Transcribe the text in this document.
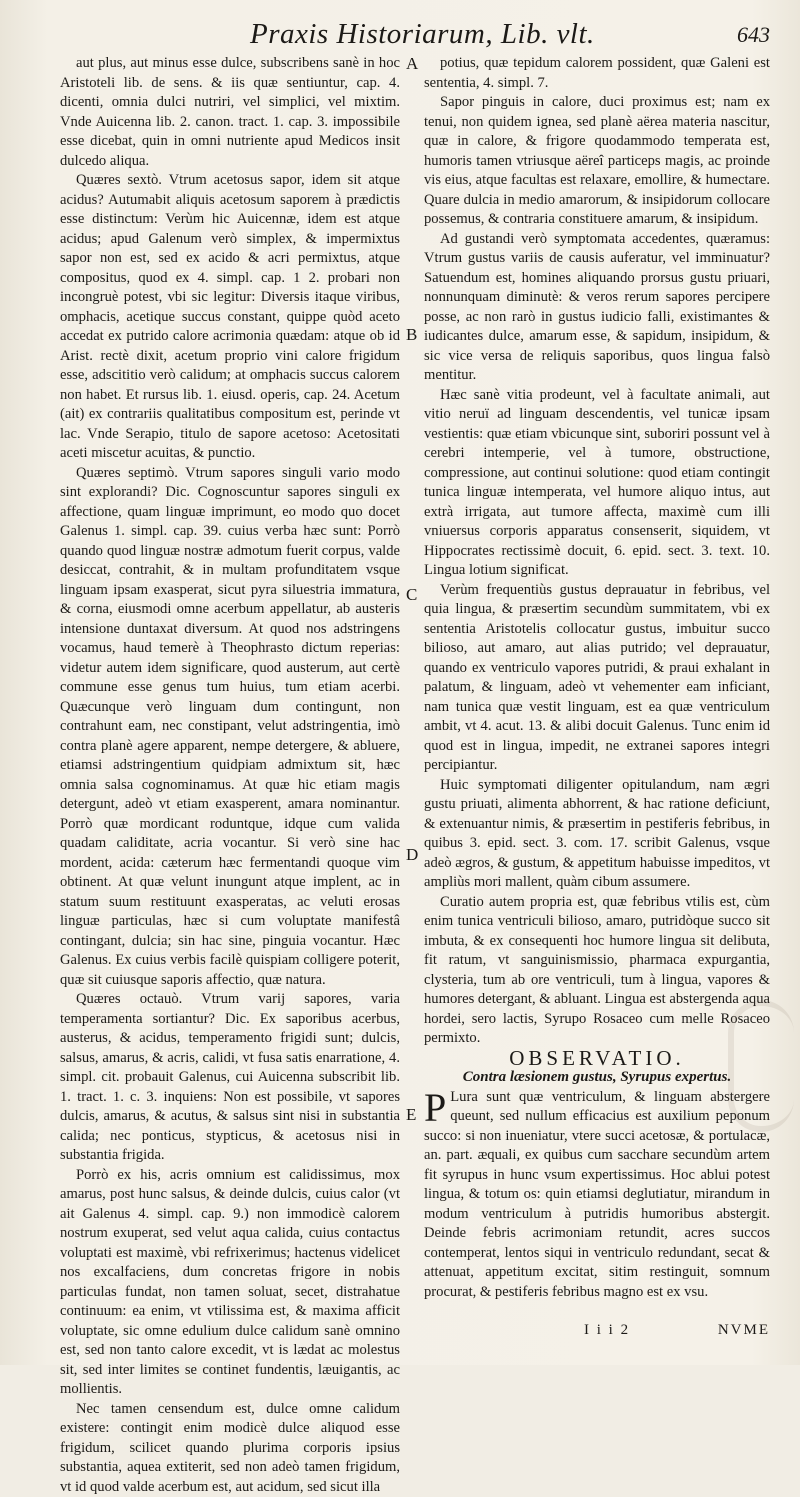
Praxis Historiarum, Lib. vlt.	643

aut plus, aut minus esse dulce, subscribens sanè in hoc Aristoteli lib. de sens. & iis quæ sentiuntur, cap. 4. dicenti, omnia dulci nutriri, vel simplici, vel mixtim. Vnde Auicenna lib. 2. canon. tract. 1. cap. 3. impossibile esse dicebat, quin in omni nutriente apud Medicos insit dulcedo aliqua.

Quæres sextò. Vtrum acetosus sapor, idem sit atque acidus? Autumabit aliquis acetosum saporem à prædictis esse distinctum: Verùm hic Auicennæ, idem est atque acidus; apud Galenum verò simplex, & impermixtus sapor non est, sed ex acido & acri permixtus, atque compositus, quod ex 4. simpl. cap. 1 2. probari non incongruè potest, vbi sic legitur: Diversis itaque viribus, omphacis, acetique succus constant, quippe quòd aceto accedat ex putrido calore acrimonia quædam: atque ob id Arist. rectè dixit, acetum proprio vini calore frigidum esse, adscititio verò calidum; at omphacis succus calorem non habet. Et rursus lib. 1. eiusd. operis, cap. 24. Acetum (ait) ex contrariis qualitatibus compositum est, perinde vt lac. Vnde Serapio, titulo de sapore acetoso: Acetositati aceti miscetur acuitas, & punctio.

Quæres septimò. Vtrum sapores singuli vario modo sint explorandi? Dic. Cognoscuntur sapores singuli ex affectione, quam linguæ imprimunt, eo modo quo docet Galenus 1. simpl. cap. 39. cuius verba hæc sunt: Porrò quando quod linguæ nostræ admotum fuerit corpus, valde desiccat, contrahit, & in multam profunditatem vsque linguam ipsam exasperat, sicut pyra siluestria immatura, & corna, eiusmodi omne acerbum appellatur, ab austeris intensione duntaxat diversum. At quod nos adstringens vocamus, haud temerè à Theophrasto dictum reperias: videtur autem idem significare, quod austerum, aut certè commune esse genus tum huius, tum etiam acerbi. Quæcunque verò linguam dum contingunt, non contrahunt eam, nec constipant, velut adstringentia, imò contra planè agere apparent, nempe detergere, & abluere, etiamsi adstringentium quidpiam admixtum sit, hæc omnia salsa cognominamus. At quæ hic etiam magis detergunt, adeò vt etiam exasperent, amara nominantur. Porrò quæ mordicant roduntque, idque cum valida quadam caliditate, acria vocantur. Si verò sine hac mordent, acida: cæterum hæc fermentandi quoque vim obtinent. At quæ velunt inungunt atque implent, ac in statum suum restituunt exasperatas, ac veluti erosas linguæ particulas, hæc si cum voluptate manifestâ contingant, dulcia; sin hac sine, pinguia vocantur. Hæc Galenus. Ex cuius verbis facilè quispiam colligere poterit, quæ sit cuiusque saporis affectio, quæ natura.

Quæres octauò. Vtrum varij sapores, varia temperamenta sortiantur? Dic. Ex saporibus acerbus, austerus, & acidus, temperamento frigidi sunt; dulcis, salsus, amarus, & acris, calidi, vt fusa satis enarratione, 4. simpl. cit. probauit Galenus, cui Auicenna subscribit lib. 1. tract. 1. c. 3. inquiens: Non est possibile, vt sapores dulcis, amarus, & acutus, & salsus sint nisi in substantia calida; nec ponticus, stypticus, & acetosus nisi in substantia frigida.

Porrò ex his, acris omnium est calidissimus, mox amarus, post hunc salsus, & deinde dulcis, cuius calor (vt ait Galenus 4. simpl. cap. 9.) non immodicè calorem nostrum exuperat, sed velut aqua calida, cuius contactus voluptati est maximè, vbi refrixerimus; hactenus videlicet nos excalfaciens, dum concretas frigore in nobis particulas fundat, non tamen soluat, secet, distrahatue continuum: ea enim, vt vtilissima est, & maxima afficit voluptate, sic omne edulium dulce calidum sanè omnino est, sed non tanto calore excedit, vt is lædat ac molestus sit, sed inter limites se continet fundentis, læuigantis, ac mollientis.

Nec tamen censendum est, dulce omne calidum existere: contingit enim modicè dulce aliquod esse frigidum, scilicet quando plurima corporis ipsius substantia, aquea extiterit, sed non adeò tamen frigidum, vt id quod valde acerbum est, aut acidum, sed sicut illa

A
B
C
D
E

potius, quæ tepidum calorem possident, quæ Galeni est sententia, 4. simpl. 7.

Sapor pinguis in calore, duci proximus est; nam ex tenui, non quidem ignea, sed planè aërea materia nascitur, quæ in calore, & frigore quodammodo temperata est, humoris tamen vtriusque aëreî particeps magis, ac proinde vis eius, atque facultas est relaxare, emollire, & humectare. Quare dulcia in medio amarorum, & insipidorum collocare possemus, & contraria constituere amarum, & insipidum.

Ad gustandi verò symptomata accedentes, quæramus: Vtrum gustus variis de causis auferatur, vel imminuatur? Satuendum est, homines aliquando prorsus gustu priuari, nonnunquam diminutè: & veros rerum sapores percipere posse, ac non rarò in gustus iudicio falli, existimantes & iudicantes dulce, amarum esse, & sapidum, insipidum, & sic vice versa de reliquis saporibus, quos lingua falsò mentitur.

Hæc sanè vitia prodeunt, vel à facultate animali, aut vitio neruï ad linguam descendentis, vel tunicæ ipsam vestientis: quæ etiam vbicunque sint, suboriri possunt vel à cerebri intemperie, vel à tumore, obstructione, compressione, aut continui solutione: quod etiam contingit tunica linguæ intemperata, vel humore aliquo intus, aut extrà irrigata, aut tumore affecta, maximè cum illi vniuersus corporis apparatus consenserit, siquidem, vt Hippocrates rectissimè docuit, 6. epid. sect. 3. text. 10. Lingua lotium significat.

Verùm frequentiùs gustus deprauatur in febribus, vel quia lingua, & præsertim secundùm summitatem, vbi ex sententia Aristotelis collocatur gustus, imbuitur succo bilioso, aut amaro, aut alias putrido; vel deprauatur, quando ex ventriculo vapores putridi, & praui exhalant in palatum, & linguam, adeò vt vehementer eam inficiant, nam tunica quæ vestit linguam, est ea quæ ventriculum ambit, vt 4. acut. 13. & alibi docuit Galenus. Tunc enim id quod est in lingua, impedit, ne extranei sapores integri percipiantur.

Huic symptomati diligenter opitulandum, nam ægri gustu priuati, alimenta abhorrent, & hac ratione deficiunt, & extenuantur nimis, & præsertim in pestiferis febribus, in quibus 3. epid. sect. 3. com. 17. scribit Galenus, vsque adeò ægros, & gustum, & appetitum habuisse impeditos, vt ampliùs mori mallent, quàm cibum assumere.

Curatio autem propria est, quæ febribus vtilis est, cùm enim tunica ventriculi bilioso, amaro, putridòque succo sit imbuta, & ex consequenti hoc humore lingua sit delibuta, fit ratum, vt sanguinismissio, pharmaca expurgantia, clysteria, tum ab ore ventriculi, tum à lingua, vapores & humores detergant, & abluant. Lingua est abstergenda aqua hordei, sero lactis, Syrupo Rosaceo cum melle Rosaceo permixto.

OBSERVATIO.

Contra læsionem gustus, Syrupus expertus.

P Lura sunt quæ ventriculum, & linguam abstergere queunt, sed nullum efficacius est auxilium peponum succo: si non inueniatur, vtere succi acetosæ, & portulacæ, an. part. æquali, ex quibus cum sacchare secundùm artem fit syrupus in hunc vsum expertissimus. Hoc ablui potest lingua, & totum os: quin etiamsi deglutiatur, mirandum in modum ventriculum à putridis humoribus abstergit. Deinde febris acrimoniam retundit, acres succos contemperat, lentos siqui in ventriculo redundant, secat & attenuat, appetitum excitat, sitim restinguit, somnum procurat, & pestiferis febribus magno est ex vsu.

I i i 2	NVME
